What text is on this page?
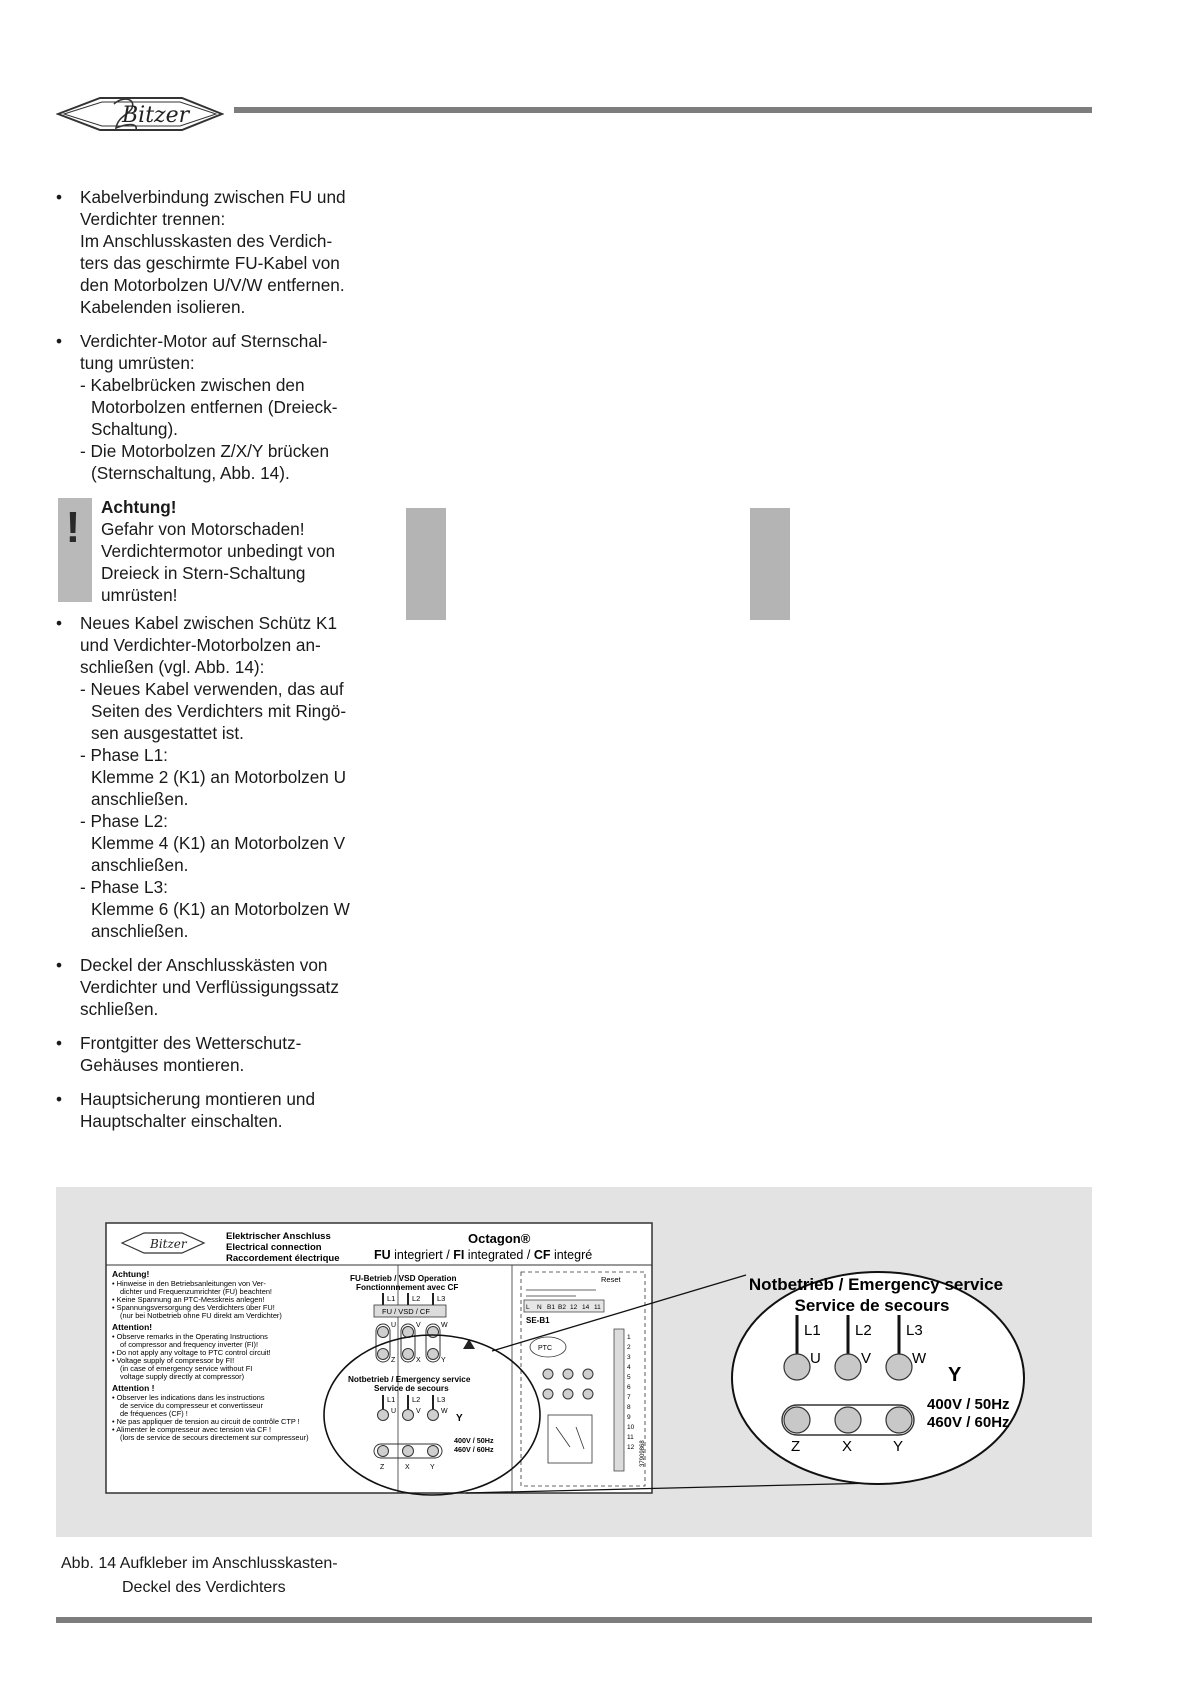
Bitzer
• Kabelverbindung zwischen FU und
Verdichter trennen:
Im Anschlusskasten des Verdich-
ters das geschirmte FU-Kabel von
den Motorbolzen U/V/W entfernen.
Kabelenden isolieren.
• Verdichter-Motor auf Sternschal-
tung umrüsten:
- Kabelbrücken zwischen den
Motorbolzen entfernen (Dreieck-
Schaltung).
- Die Motorbolzen Z/X/Y brücken
(Sternschaltung, Abb. 14).
!	Achtung!
Gefahr von Motorschaden!
Verdichtermotor unbedingt von
Dreieck in Stern-Schaltung
umrüsten!
• Neues Kabel zwischen Schütz K1
und Verdichter-Motorbolzen an-
schließen (vgl. Abb. 14):
- Neues Kabel verwenden, das auf
Seiten des Verdichters mit Ringö-
sen ausgestattet ist.
- Phase L1:
Klemme 2 (K1) an Motorbolzen U
anschließen.
- Phase L2:
Klemme 4 (K1) an Motorbolzen V
anschließen.
- Phase L3:
Klemme 6 (K1) an Motorbolzen W
anschließen.
• Deckel der Anschlusskästen von
Verdichter und Verflüssigungssatz
schließen.
• Frontgitter des Wetterschutz-
Gehäuses montieren.
• Hauptsicherung montieren und
Hauptschalter einschalten.
Bitzer
Elektrischer Anschluss
Electrical connection
Raccordement électrique
Octagon®
FU integriert / FI integrated / CF integré
Achtung!
• Hinweise in den Betriebsanleitungen von Ver-
dichter und Frequenzumrichter (FU) beachten!
• Keine Spannung an PTC-Messkreis anlegen!
• Spannungsversorgung des Verdichters über FU!
(nur bei Notbetrieb ohne FU direkt am Verdichter)
Attention!
• Observe remarks in the Operating Instructions
of compressor and frequency inverter (FI)!
• Do not apply any voltage to PTC control circuit!
• Voltage supply of compressor by FI!
(in case of emergency service without FI
voltage supply directly at compressor)
Attention !
• Observer les indications dans les instructions
de service du compresseur et convertisseur
de fréquences (CF) !
• Ne pas appliquer de tension au circuit de contrôle CTP !
• Alimenter le compresseur avec tension via CF !
(lors de service de secours directement sur compresseur)
FU-Betrieb / VSD Operation
Fonctionnnement avec CF
L1 L2 L3
FU / VSD / CF
U	V	W
Z	X	Y
Notbetrieb / Emergency service
Service de secours
L1 L2 L3
U	V	W
Y
Z	X	Y
400V / 50Hz
460V / 60Hz
Reset
L N B1 B2 12 14 11
SE-B1
PTC
1
2
3
4
5
6
7
8
9
10
11
12 37909868
Notbetrieb / Emergency service
Service de secours
L1 L2 L3
U	V	W
Y
Z	X	Y
400V / 50Hz
460V / 60Hz
Abb. 14 Aufkleber im Anschlusskasten-
Deckel des Verdichters
